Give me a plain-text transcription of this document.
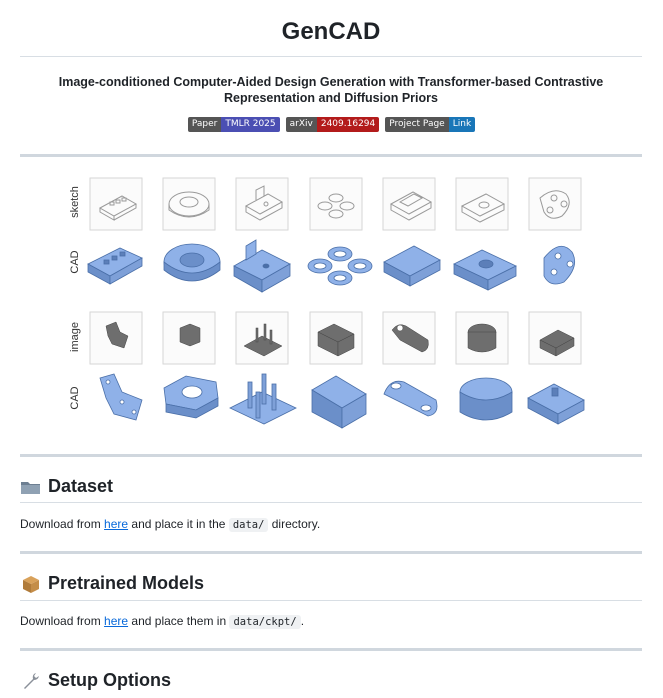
GenCAD
Image-conditioned Computer-Aided Design Generation with Transformer-based Contrastive Representation and Diffusion Priors
Paper TMLR 2025	arXiv 2409.16294	Project Page Link
sketch
CAD
image
CAD
Dataset
Download from here and place it in the data/ directory.
Pretrained Models
Download from here and place them in data/ckpt/ .
Setup Options
